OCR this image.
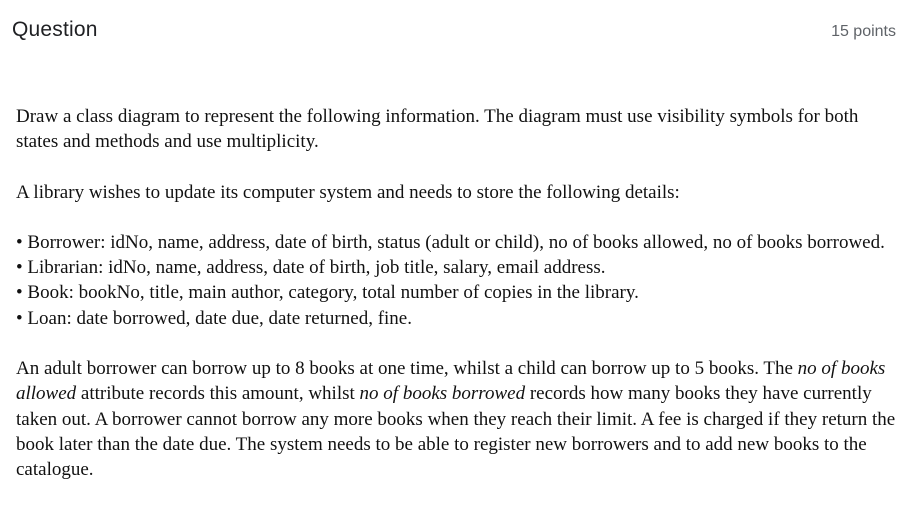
Question	15 points

Draw a class diagram to represent the following information. The diagram must use visibility symbols for both states and methods and use multiplicity.

A library wishes to update its computer system and needs to store the following details:

• Borrower: idNo, name, address, date of birth, status (adult or child), no of books allowed, no of books borrowed.
• Librarian: idNo, name, address, date of birth, job title, salary, email address.
• Book: bookNo, title, main author, category, total number of copies in the library.
• Loan: date borrowed, date due, date returned, fine.

An adult borrower can borrow up to 8 books at one time, whilst a child can borrow up to 5 books. The no of books allowed attribute records this amount, whilst no of books borrowed records how many books they have currently taken out. A borrower cannot borrow any more books when they reach their limit. A fee is charged if they return the book later than the date due. The system needs to be able to register new borrowers and to add new books to the catalogue.
